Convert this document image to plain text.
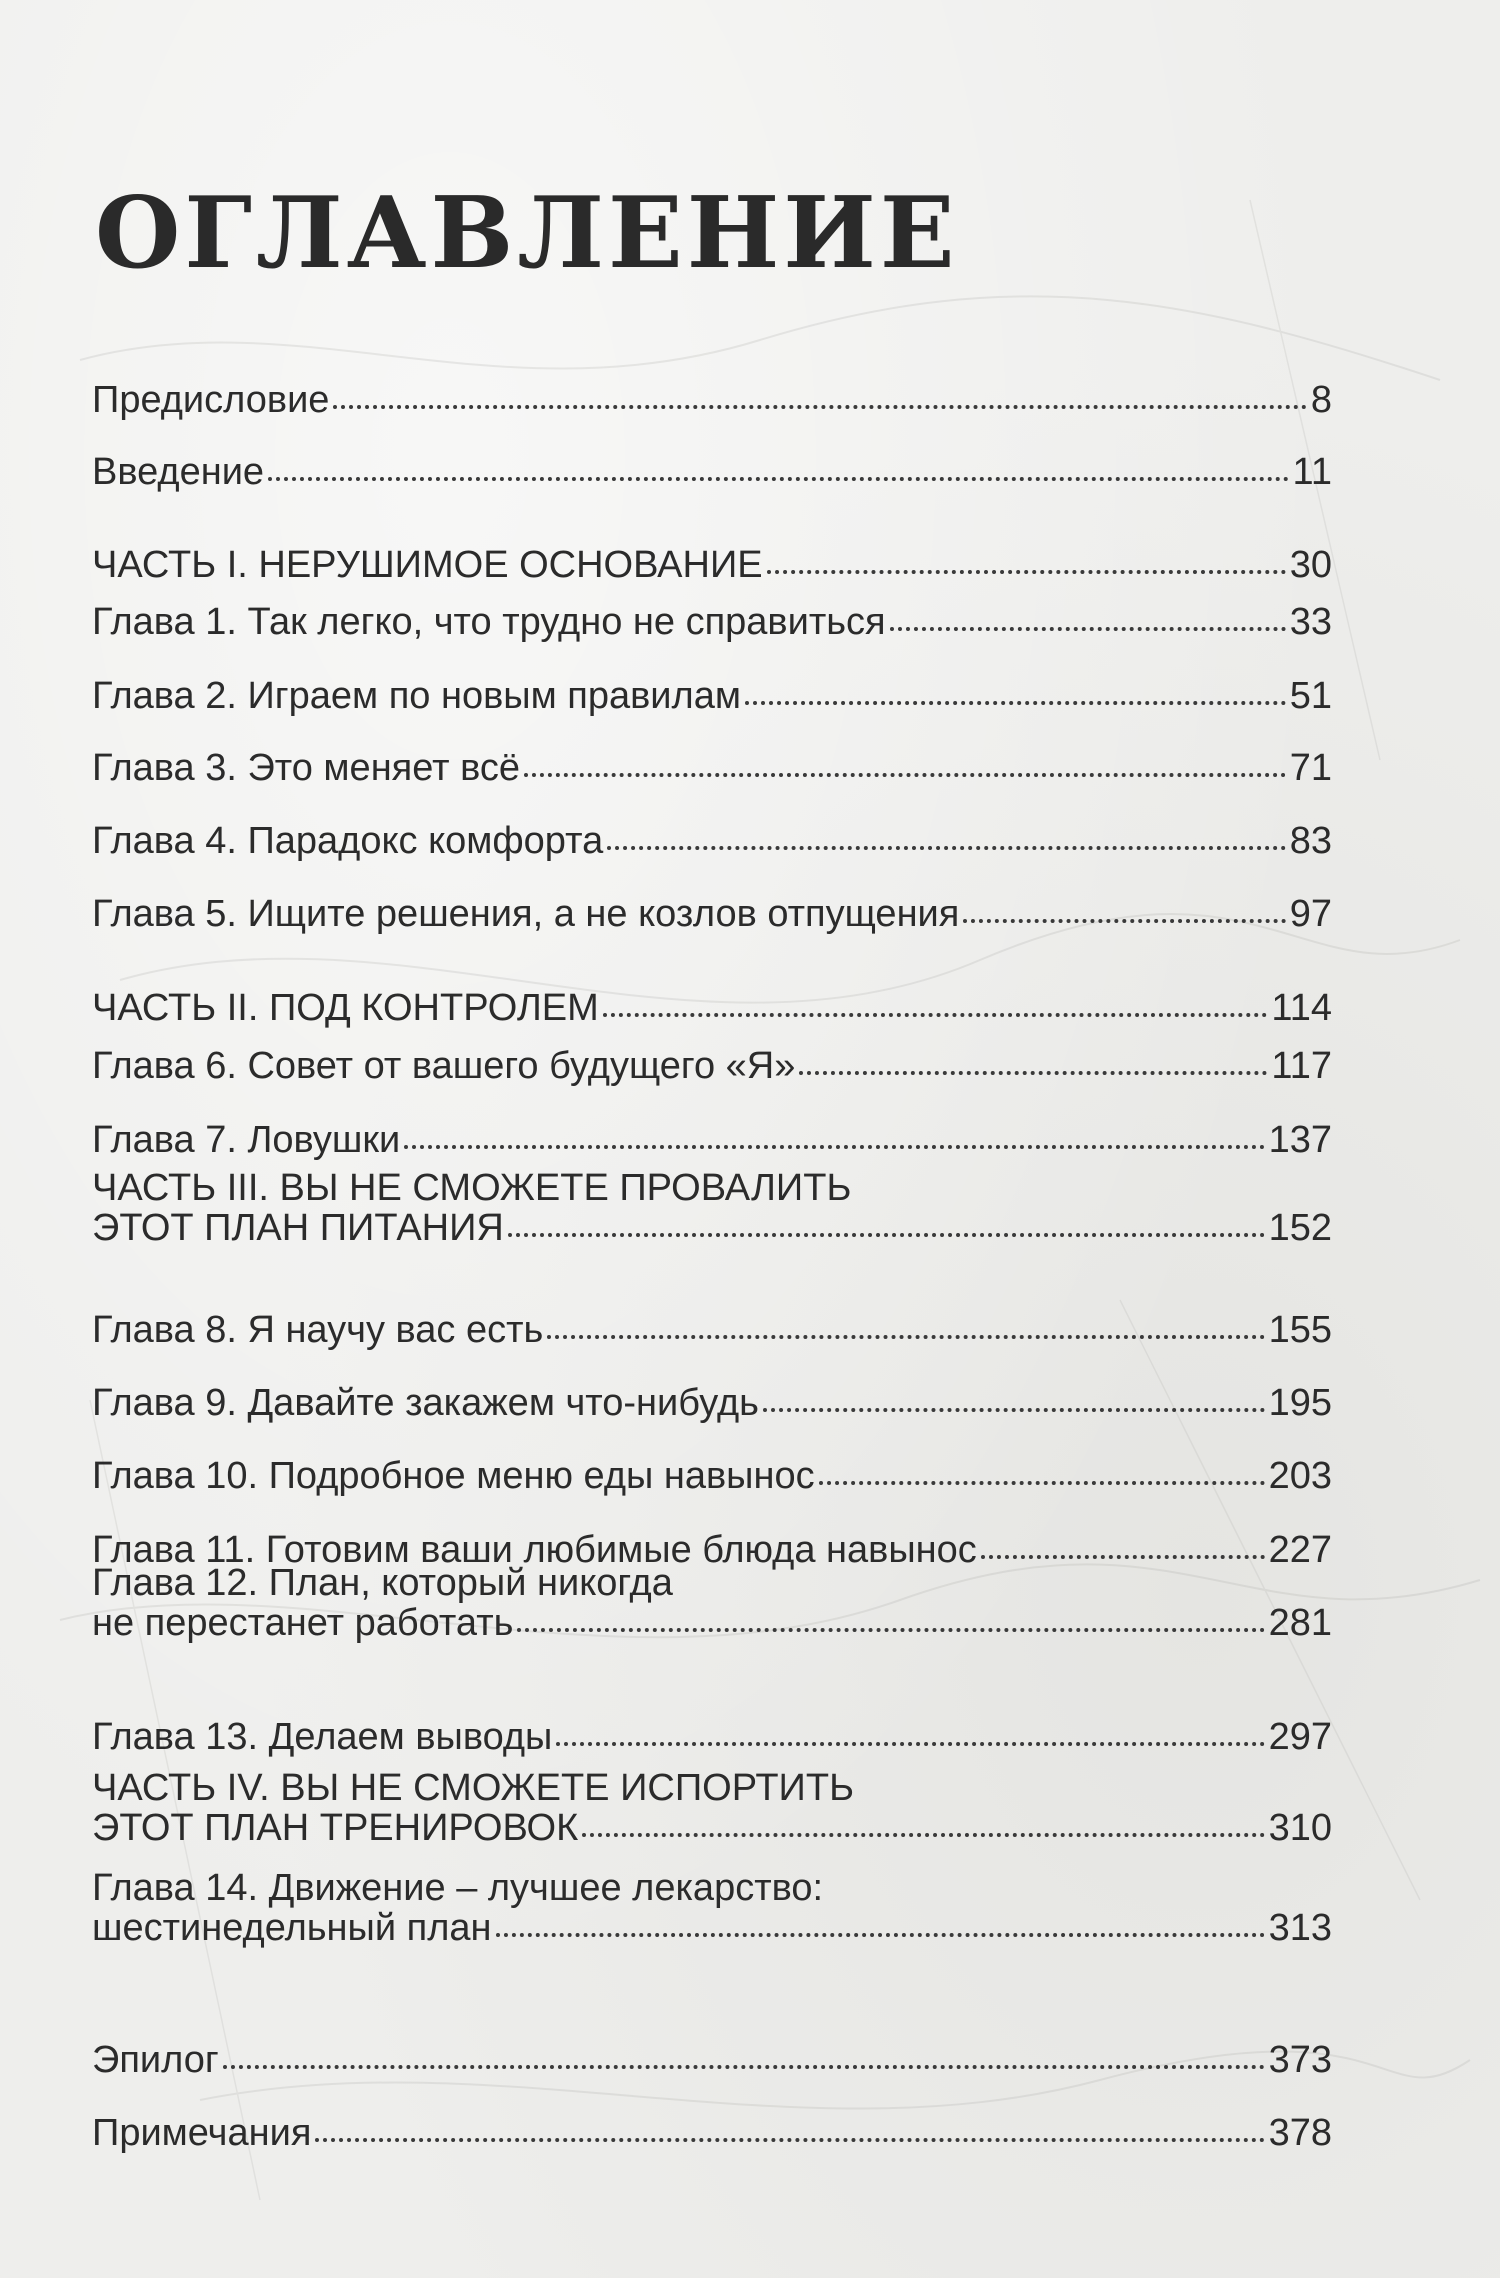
ОГЛАВЛЕНИЕ
Предисловие	8
Введение	11
ЧАСТЬ I. НЕРУШИМОЕ ОСНОВАНИЕ	30
Глава 1. Так легко, что трудно не справиться	33
Глава 2. Играем по новым правилам	51
Глава 3. Это меняет всё	71
Глава 4. Парадокс комфорта	83
Глава 5. Ищите решения, а не козлов отпущения	97
ЧАСТЬ II. ПОД КОНТРОЛЕМ	114
Глава 6. Совет от вашего будущего «Я»	117
Глава 7. Ловушки	137
ЧАСТЬ III. ВЫ НЕ СМОЖЕТЕ ПРОВАЛИТЬ
ЭТОТ ПЛАН ПИТАНИЯ	152
Глава 8. Я научу вас есть	155
Глава 9. Давайте закажем что-нибудь	195
Глава 10. Подробное меню еды навынос	203
Глава 11. Готовим ваши любимые блюда навынос	227
Глава 12. План, который никогда
не перестанет работать	281
Глава 13. Делаем выводы	297
ЧАСТЬ IV. ВЫ НЕ СМОЖЕТЕ ИСПОРТИТЬ
ЭТОТ ПЛАН ТРЕНИРОВОК	310
Глава 14. Движение – лучшее лекарство:
шестинедельный план	313
Эпилог	373
Примечания	378
